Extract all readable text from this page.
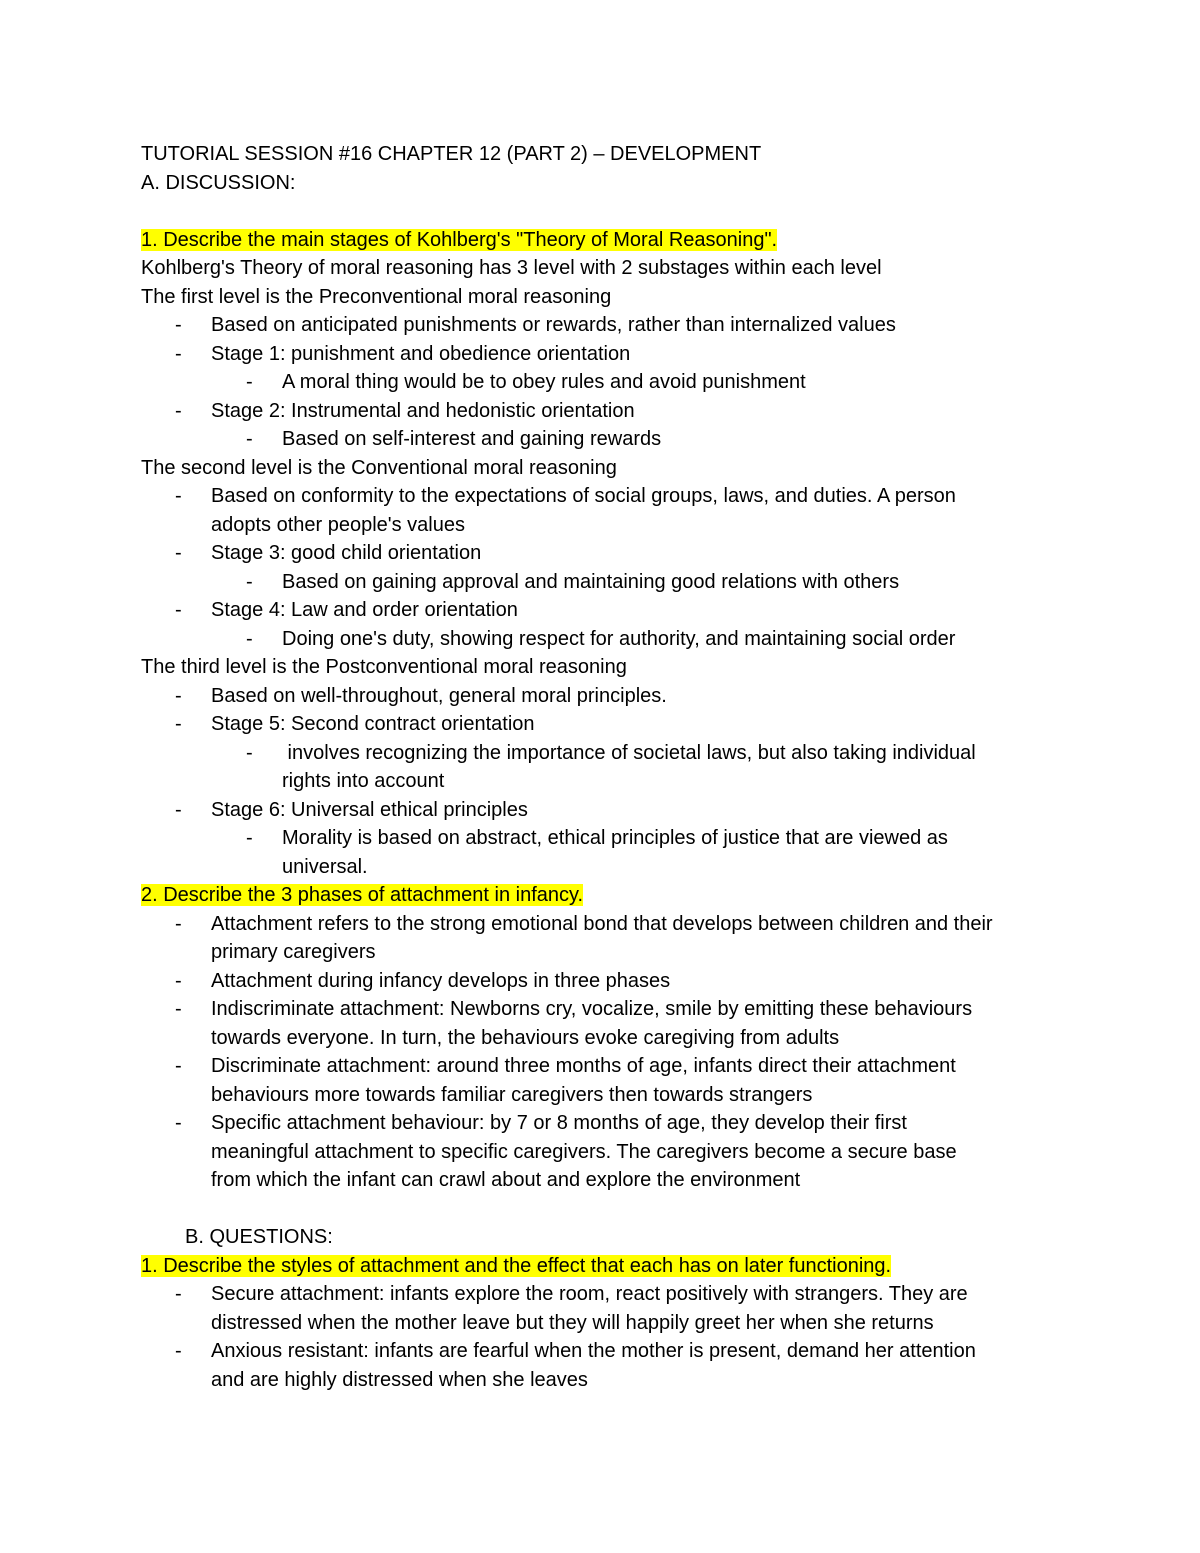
TUTORIAL SESSION #16 CHAPTER 12 (PART 2) – DEVELOPMENT
A. DISCUSSION:
1. Describe the main stages of Kohlberg's "Theory of Moral Reasoning".
Kohlberg's Theory of moral reasoning has 3 level with 2 substages within each level
The first level is the Preconventional moral reasoning
- Based on anticipated punishments or rewards, rather than internalized values
- Stage 1: punishment and obedience orientation
- A moral thing would be to obey rules and avoid punishment
- Stage 2: Instrumental and hedonistic orientation
- Based on self-interest and gaining rewards
The second level is the Conventional moral reasoning
- Based on conformity to the expectations of social groups, laws, and duties. A person
adopts other people's values
- Stage 3: good child orientation
- Based on gaining approval and maintaining good relations with others
- Stage 4: Law and order orientation
- Doing one's duty, showing respect for authority, and maintaining social order
The third level is the Postconventional moral reasoning
- Based on well-throughout, general moral principles.
- Stage 5: Second contract orientation
- involves recognizing the importance of societal laws, but also taking individual
rights into account
- Stage 6: Universal ethical principles
- Morality is based on abstract, ethical principles of justice that are viewed as
universal.
2. Describe the 3 phases of attachment in infancy.
- Attachment refers to the strong emotional bond that develops between children and their
primary caregivers
- Attachment during infancy develops in three phases
- Indiscriminate attachment: Newborns cry, vocalize, smile by emitting these behaviours
towards everyone. In turn, the behaviours evoke caregiving from adults
- Discriminate attachment: around three months of age, infants direct their attachment
behaviours more towards familiar caregivers then towards strangers
- Specific attachment behaviour: by 7 or 8 months of age, they develop their first
meaningful attachment to specific caregivers. The caregivers become a secure base
from which the infant can crawl about and explore the environment
B. QUESTIONS:
1. Describe the styles of attachment and the effect that each has on later functioning.
- Secure attachment: infants explore the room, react positively with strangers. They are
distressed when the mother leave but they will happily greet her when she returns
- Anxious resistant: infants are fearful when the mother is present, demand her attention
and are highly distressed when she leaves
